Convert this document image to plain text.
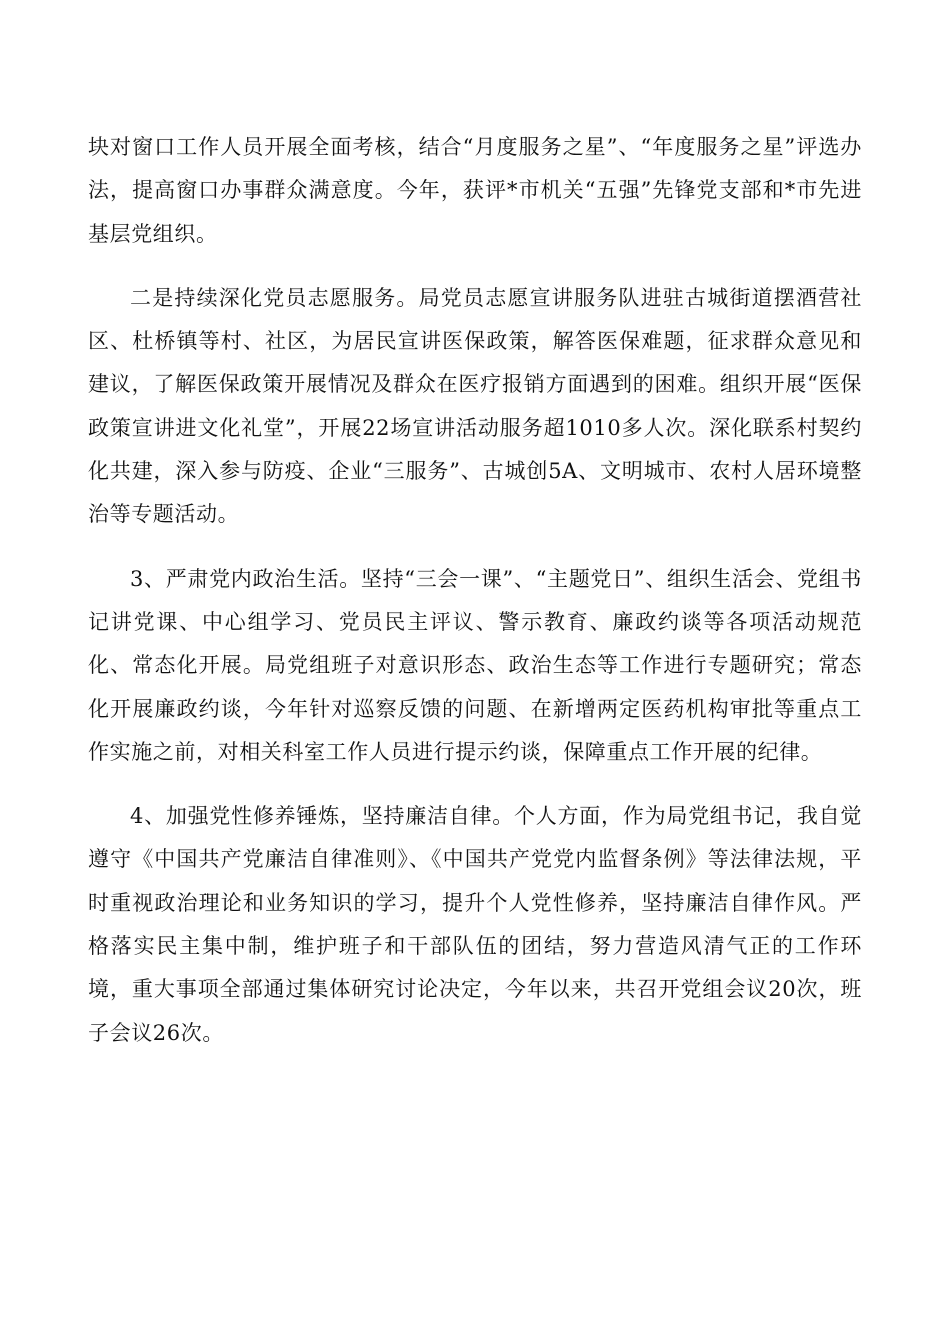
块对窗口工作人员开展全面考核，结合“月度服务之星”、“年度服务之星”评选办法，提高窗口办事群众满意度。今年，获评*市机关“五强”先锋党支部和*市先进基层党组织。

二是持续深化党员志愿服务。局党员志愿宣讲服务队进驻古城街道摆酒营社区、杜桥镇等村、社区，为居民宣讲医保政策，解答医保难题，征求群众意见和建议，了解医保政策开展情况及群众在医疗报销方面遇到的困难。组织开展“医保政策宣讲进文化礼堂”，开展22场宣讲活动服务超1010多人次。深化联系村契约化共建，深入参与防疫、企业“三服务”、古城创5A、文明城市、农村人居环境整治等专题活动。

3、严肃党内政治生活。坚持“三会一课”、“主题党日”、组织生活会、党组书记讲党课、中心组学习、党员民主评议、警示教育、廉政约谈等各项活动规范化、常态化开展。局党组班子对意识形态、政治生态等工作进行专题研究；常态化开展廉政约谈，今年针对巡察反馈的问题、在新增两定医药机构审批等重点工作实施之前，对相关科室工作人员进行提示约谈，保障重点工作开展的纪律。

4、加强党性修养锤炼，坚持廉洁自律。个人方面，作为局党组书记，我自觉遵守《中国共产党廉洁自律准则》、《中国共产党党内监督条例》等法律法规，平时重视政治理论和业务知识的学习，提升个人党性修养，坚持廉洁自律作风。严格落实民主集中制，维护班子和干部队伍的团结，努力营造风清气正的工作环境，重大事项全部通过集体研究讨论决定，今年以来，共召开党组会议20次，班子会议26次。
